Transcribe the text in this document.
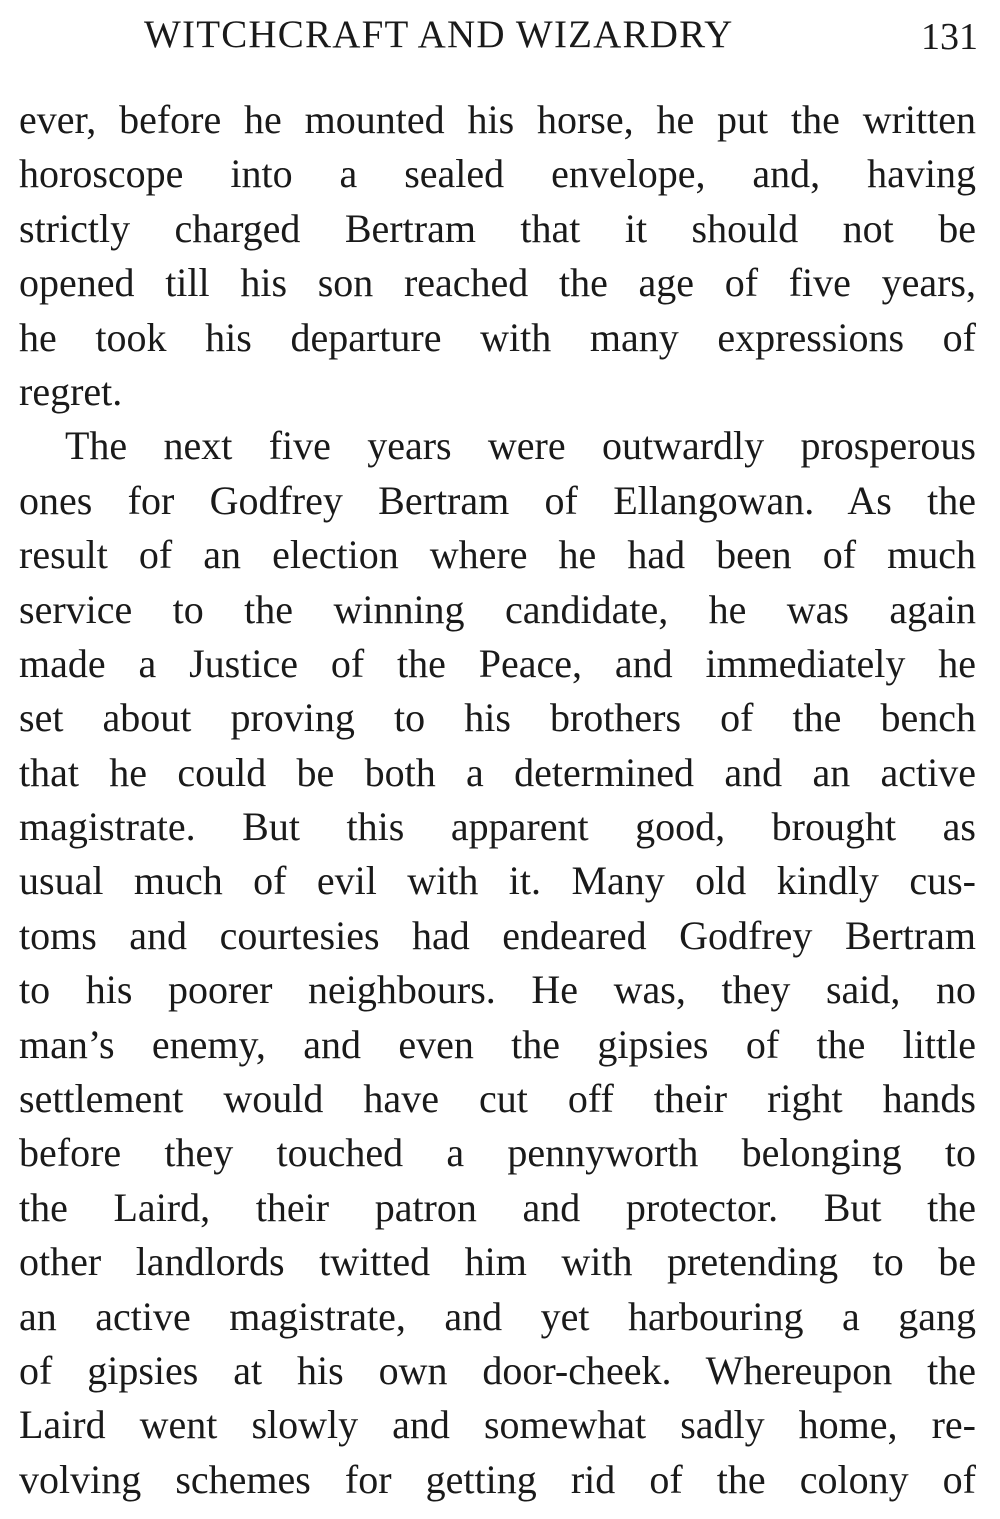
WITCHCRAFT AND WIZARDRY	131
ever, before he mounted his horse, he put the written
horoscope into a sealed envelope, and, having
strictly charged Bertram that it should not be
opened till his son reached the age of five years,
he took his departure with many expressions of
regret.
The next five years were outwardly prosperous
ones for Godfrey Bertram of Ellangowan. As the
result of an election where he had been of much
service to the winning candidate, he was again
made a Justice of the Peace, and immediately he
set about proving to his brothers of the bench
that he could be both a determined and an active
magistrate. But this apparent good, brought as
usual much of evil with it. Many old kindly cus-
toms and courtesies had endeared Godfrey Bertram
to his poorer neighbours. He was, they said, no
man’s enemy, and even the gipsies of the little
settlement would have cut off their right hands
before they touched a pennyworth belonging to
the Laird, their patron and protector. But the
other landlords twitted him with pretending to be
an active magistrate, and yet harbouring a gang
of gipsies at his own door-cheek. Whereupon the
Laird went slowly and somewhat sadly home, re-
volving schemes for getting rid of the colony of
